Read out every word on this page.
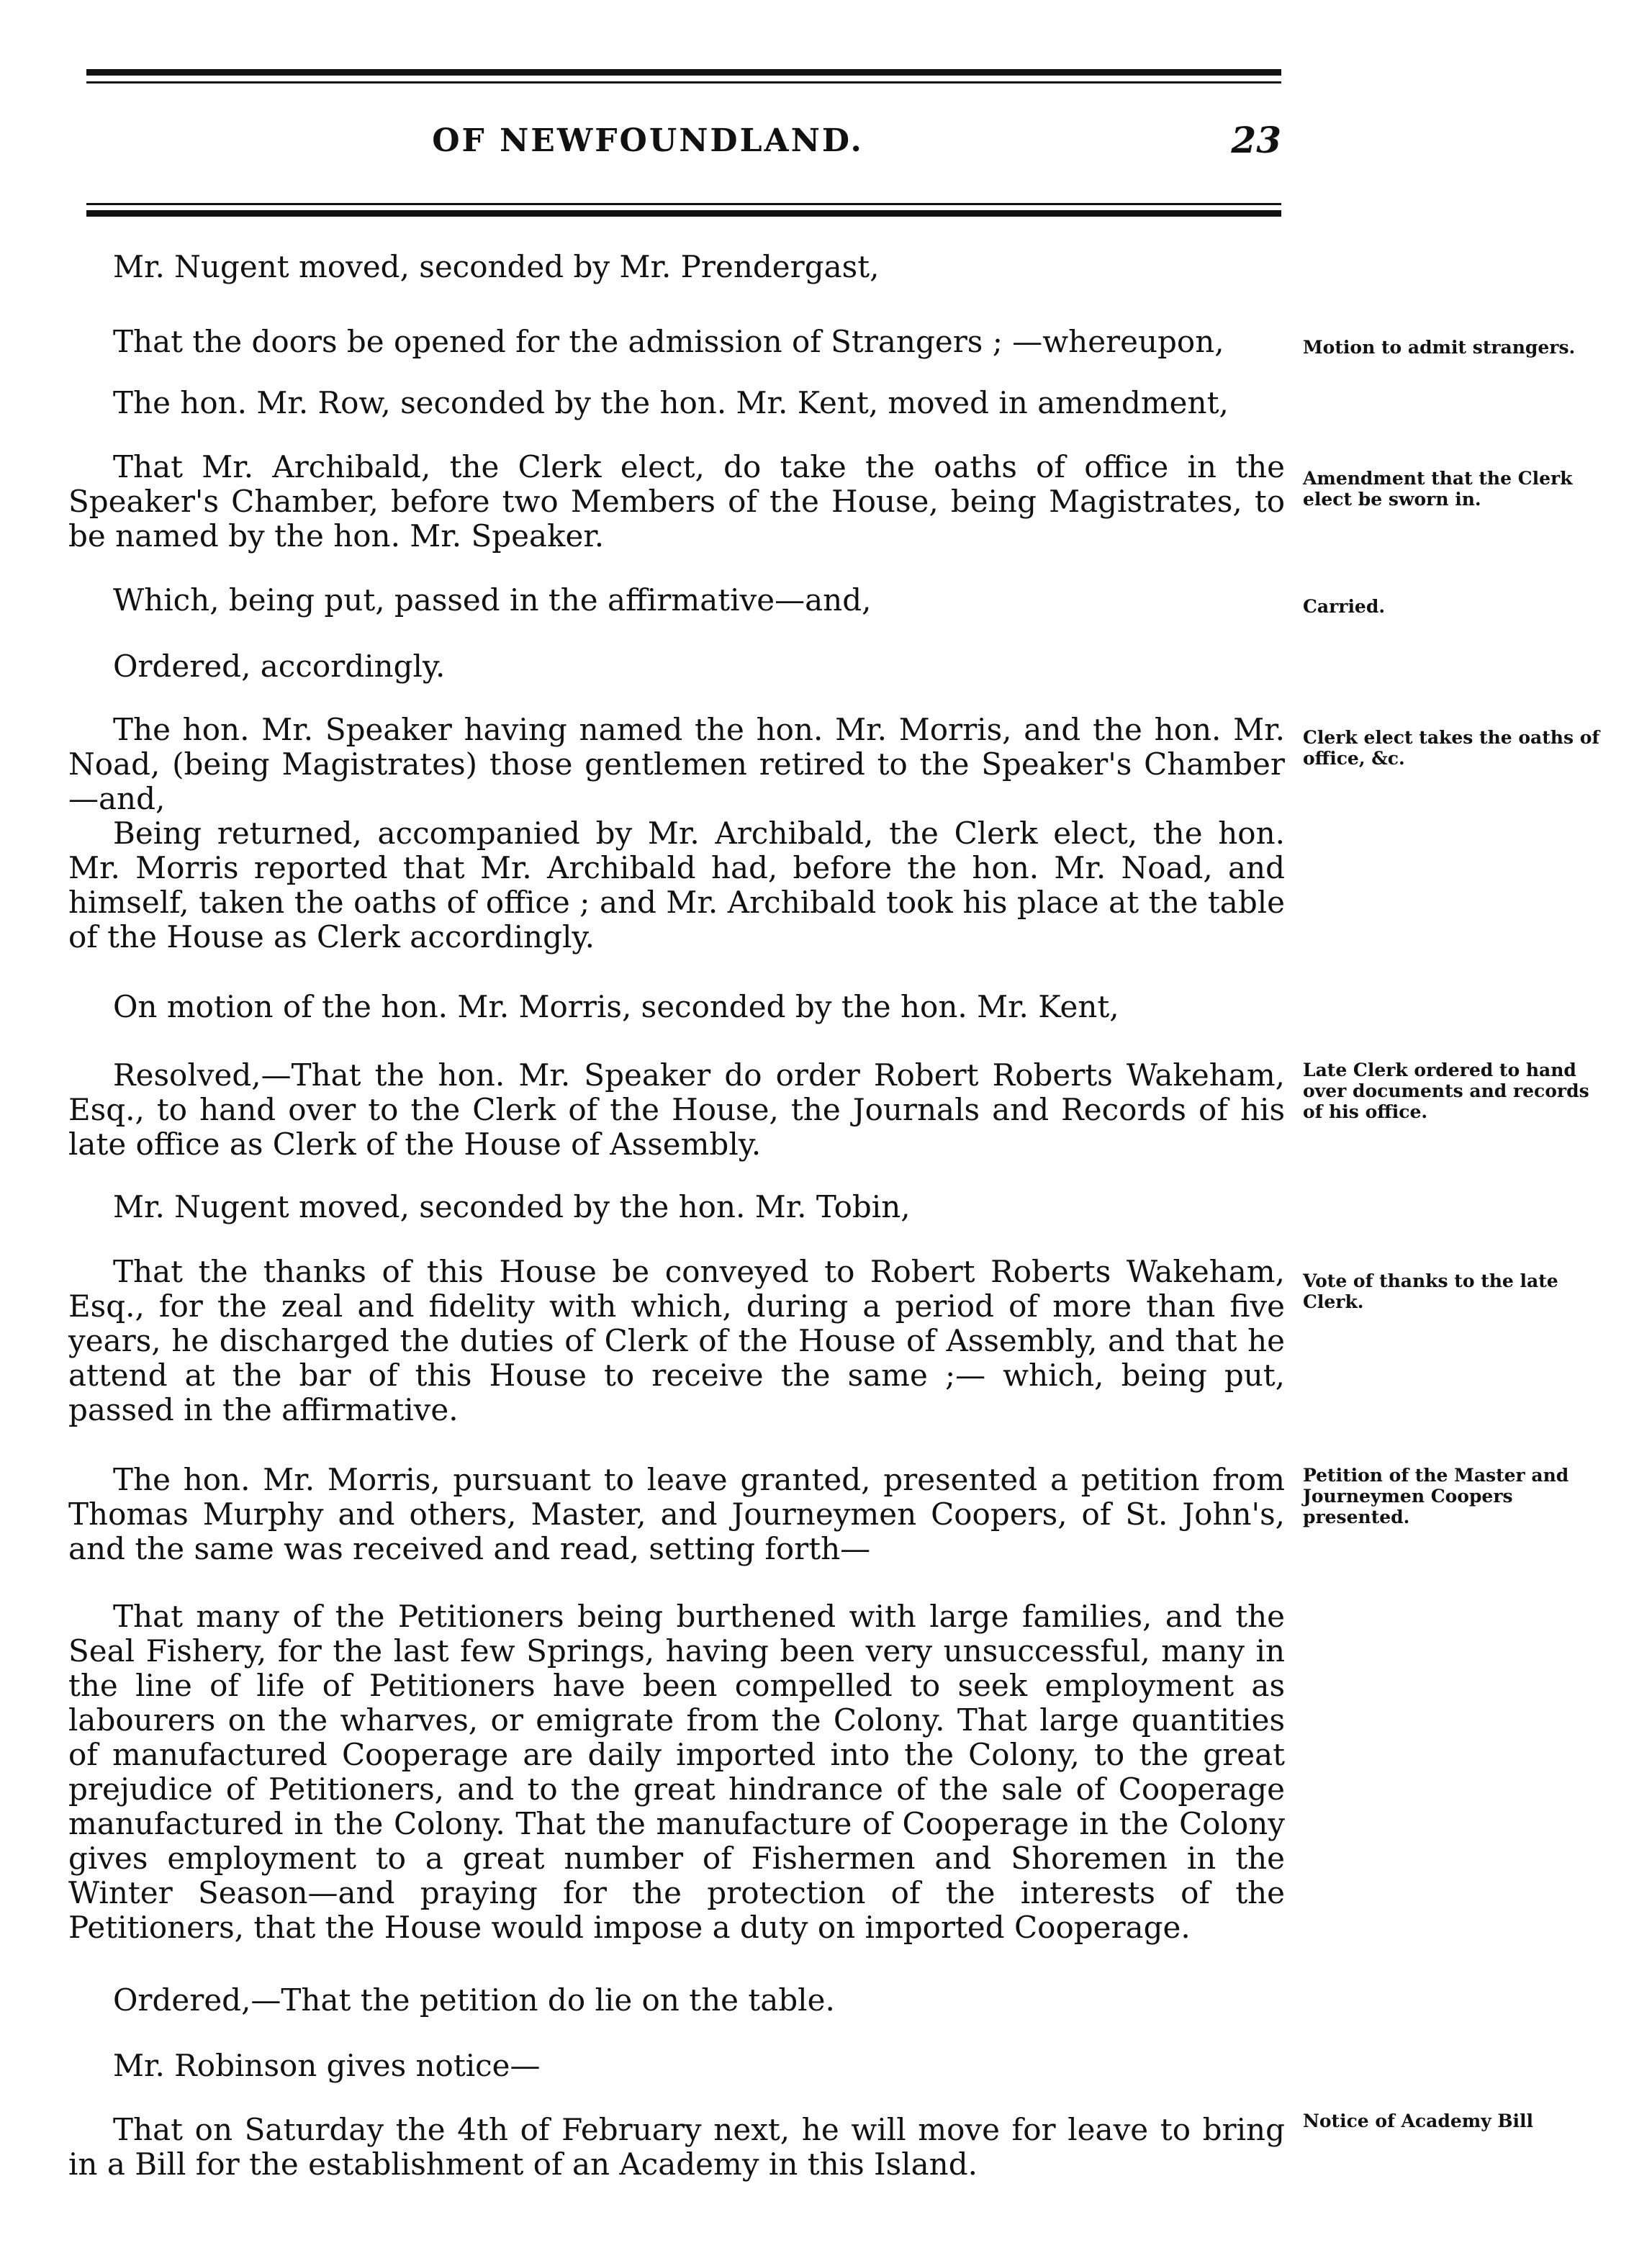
OF NEWFOUNDLAND.	23

Mr. Nugent moved, seconded by Mr. Prendergast,

That the doors be opened for the admission of Strangers ; —whereupon,

The hon. Mr. Row, seconded by the hon. Mr. Kent, moved in amendment,

That Mr. Archibald, the Clerk elect, do take the oaths of office in the Speaker's Chamber, before two Members of the House, being Magistrates, to be named by the hon. Mr. Speaker.

Which, being put, passed in the affirmative—and,

Ordered, accordingly.

The hon. Mr. Speaker having named the hon. Mr. Morris, and the hon. Mr. Noad, (being Magistrates) those gentlemen retired to the Speaker's Chamber—and,

Being returned, accompanied by Mr. Archibald, the Clerk elect, the hon. Mr. Morris reported that Mr. Archibald had, before the hon. Mr. Noad, and himself, taken the oaths of office ; and Mr. Archibald took his place at the table of the House as Clerk accordingly.

On motion of the hon. Mr. Morris, seconded by the hon. Mr. Kent,

Resolved,—That the hon. Mr. Speaker do order Robert Roberts Wakeham, Esq., to hand over to the Clerk of the House, the Journals and Records of his late office as Clerk of the House of Assembly.

Mr. Nugent moved, seconded by the hon. Mr. Tobin,

That the thanks of this House be conveyed to Robert Roberts Wakeham, Esq., for the zeal and fidelity with which, during a period of more than five years, he discharged the duties of Clerk of the House of Assembly, and that he attend at the bar of this House to receive the same ;— which, being put, passed in the affirmative.

The hon. Mr. Morris, pursuant to leave granted, presented a petition from Thomas Murphy and others, Master, and Journeymen Coopers, of St. John's, and the same was received and read, setting forth—

That many of the Petitioners being burthened with large families, and the Seal Fishery, for the last few Springs, having been very unsuccessful, many in the line of life of Petitioners have been compelled to seek employment as labourers on the wharves, or emigrate from the Colony. That large quantities of manufactured Cooperage are daily imported into the Colony, to the great prejudice of Petitioners, and to the great hindrance of the sale of Cooperage manufactured in the Colony. That the manufacture of Cooperage in the Colony gives employment to a great number of Fishermen and Shoremen in the Winter Season—and praying for the protection of the interests of the Petitioners, that the House would impose a duty on imported Cooperage.

Ordered,—That the petition do lie on the table.

Mr. Robinson gives notice—

That on Saturday the 4th of February next, he will move for leave to bring in a Bill for the establishment of an Academy in this Island.

Motion to admit strangers.

Amendment that the Clerk elect be sworn in.

Carried.

Clerk elect takes the oaths of office, &c.

Late Clerk ordered to hand over documents and records of his office.

Vote of thanks to the late Clerk.

Petition of the Master and Journeymen Coopers presented.

Notice of Academy Bill
